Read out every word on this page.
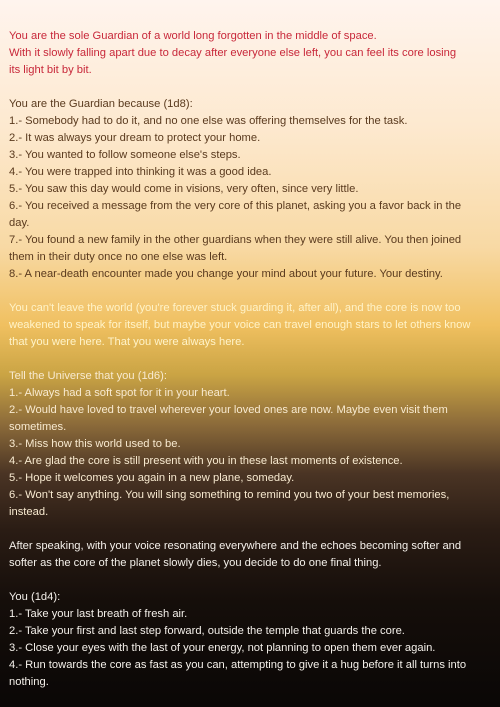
You are the sole Guardian of a world long forgotten in the middle of space.
With it slowly falling apart due to decay after everyone else left, you can feel its core losing
its light bit by bit.
You are the Guardian because (1d8):
1.- Somebody had to do it, and no one else was offering themselves for the task.
2.- It was always your dream to protect your home.
3.- You wanted to follow someone else's steps.
4.- You were trapped into thinking it was a good idea.
5.- You saw this day would come in visions, very often, since very little.
6.- You received a message from the very core of this planet, asking you a favor back in the
day.
7.- You found a new family in the other guardians when they were still alive. You then joined
them in their duty once no one else was left.
8.- A near-death encounter made you change your mind about your future. Your destiny.
You can't leave the world (you're forever stuck guarding it, after all), and the core is now too
weakened to speak for itself, but maybe your voice can travel enough stars to let others know
that you were here. That you were always here.
Tell the Universe that you (1d6):
1.- Always had a soft spot for it in your heart.
2.- Would have loved to travel wherever your loved ones are now. Maybe even visit them
sometimes.
3.- Miss how this world used to be.
4.- Are glad the core is still present with you in these last moments of existence.
5.- Hope it welcomes you again in a new plane, someday.
6.- Won't say anything. You will sing something to remind you two of your best memories,
instead.
After speaking, with your voice resonating everywhere and the echoes becoming softer and
softer as the core of the planet slowly dies, you decide to do one final thing.
You (1d4):
1.- Take your last breath of fresh air.
2.- Take your first and last step forward, outside the temple that guards the core.
3.- Close your eyes with the last of your energy, not planning to open them ever again.
4.- Run towards the core as fast as you can, attempting to give it a hug before it all turns into
nothing.
